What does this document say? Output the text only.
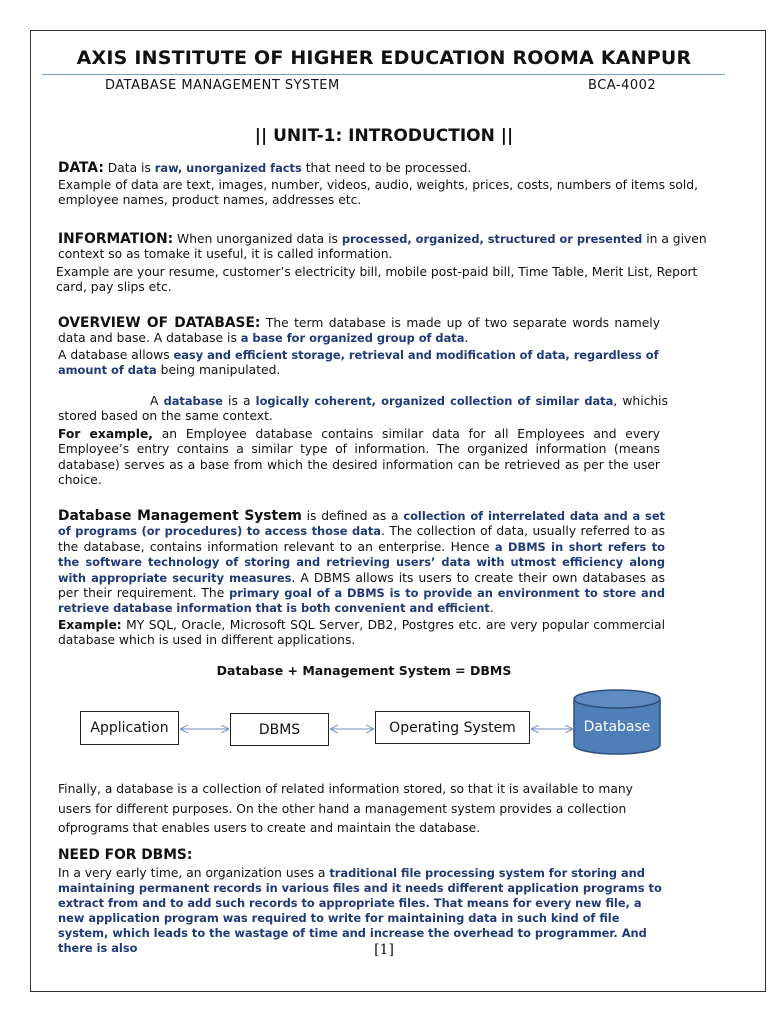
AXIS INSTITUTE OF HIGHER EDUCATION ROOMA KANPUR
DATABASE MANAGEMENT SYSTEM	BCA-4002
|| UNIT-1: INTRODUCTION ||

DATA: Data is raw, unorganized facts that need to be processed.

Example of data are text, images, number, videos, audio, weights, prices, costs, numbers of items sold, employee names, product names, addresses etc.

INFORMATION: When unorganized data is processed, organized, structured or presented in a given context so as tomake it useful, it is called information.

Example are your resume, customer’s electricity bill, mobile post-paid bill, Time Table, Merit List, Report card, pay slips etc.

OVERVIEW OF DATABASE: The term database is made up of two separate words namely data and base. A database is a base for organized group of data.

A database allows easy and efficient storage, retrieval and modification of data, regardless of amount of data being manipulated.

A database is a logically coherent, organized collection of similar data, whichis stored based on the same context.

For example, an Employee database contains similar data for all Employees and every Employee’s entry contains a similar type of information. The organized information (means database) serves as a base from which the desired information can be retrieved as per the user choice.

Database Management System is defined as a collection of interrelated data and a set of programs (or procedures) to access those data. The collection of data, usually referred to as the database, contains information relevant to an enterprise. Hence a DBMS in short refers to the software technology of storing and retrieving users’ data with utmost efficiency along with appropriate security measures. A DBMS allows its users to create their own databases as per their requirement. The primary goal of a DBMS is to provide an environment to store and retrieve database information that is both convenient and efficient.

Example: MY SQL, Oracle, Microsoft SQL Server, DB2, Postgres etc. are very popular commercial database which is used in different applications.

Database + Management System = DBMS
Application	DBMS	Operating System	Database

Finally, a database is a collection of related information stored, so that it is available to many users for different purposes. On the other hand a management system provides a collection ofprograms that enables users to create and maintain the database.

NEED FOR DBMS:

In a very early time, an organization uses a traditional file processing system for storing and maintaining permanent records in various files and it needs different application programs to extract from and to add such records to appropriate files. That means for every new file, a new application program was required to write for maintaining data in such kind of file system, which leads to the wastage of time and increase the overhead to programmer. And there is also	[1]
